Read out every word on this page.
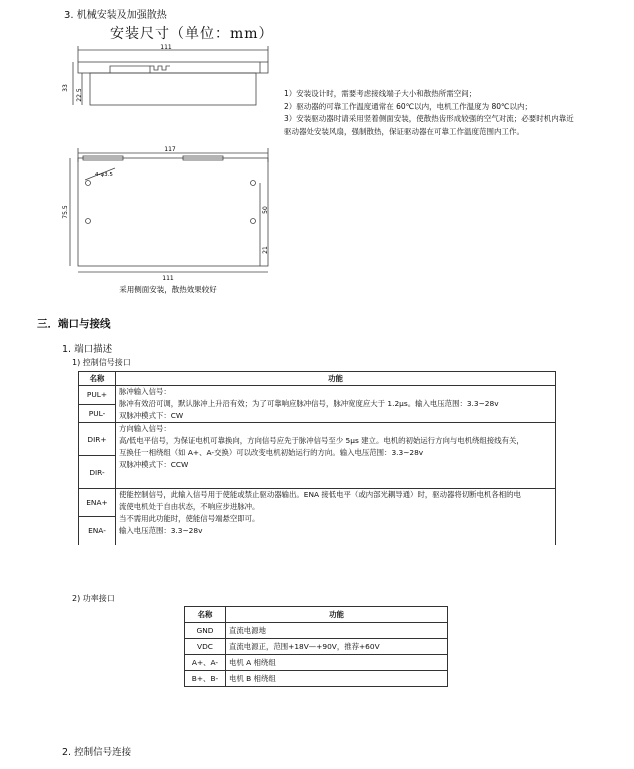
3. 机械安装及加强散热
安装尺寸（单位：mm）
111
33
22.5
117
4-φ3.5
75.5	50
21
111
采用侧面安装，散热效果较好
1）安装设计时，需要考虑接线端子大小和散热所需空间；
2）驱动器的可靠工作温度通常在 60℃以内，电机工作温度为 80℃以内；
3）安装驱动器时请采用竖着侧面安装，使散热齿形成较强的空气对流；必要时机内靠近
驱动器处安装风扇，强制散热，保证驱动器在可靠工作温度范围内工作。
三．端口与接线
1. 端口描述
1) 控制信号接口
名称	功能
PUL+	脉冲输入信号：
脉冲有效沿可调，默认脉冲上升沿有效；为了可靠响应脉冲信号，脉冲宽度应大于 1.2μs。输入电压范围：3.3~28v
双脉冲模式下：CW

PUL-	
DIR+	方向输入信号：
高/低电平信号，为保证电机可靠换向，方向信号应先于脉冲信号至少 5μs 建立。电机的初始运行方向与电机绕组接线有关，
互换任一相绕组（如 A+、A-交换）可以改变电机初始运行的方向。输入电压范围：3.3~28v
双脉冲模式下：CCW

DIR-	
ENA+	使能控制信号，此输入信号用于使能或禁止驱动器输出。ENA 接低电平（或内部光耦导通）时，驱动器将切断电机各相的电
流使电机处于自由状态，不响应步进脉冲。
当不需用此功能时，使能信号端悬空即可。
输入电压范围：3.3~28v

ENA-	
2) 功率接口
名称	功能
GND	直流电源地
VDC	直流电源正，范围+18V—+90V，推荐+60V
A+、A-	电机 A 相绕组
B+、B-	电机 B 相绕组
2. 控制信号连接
